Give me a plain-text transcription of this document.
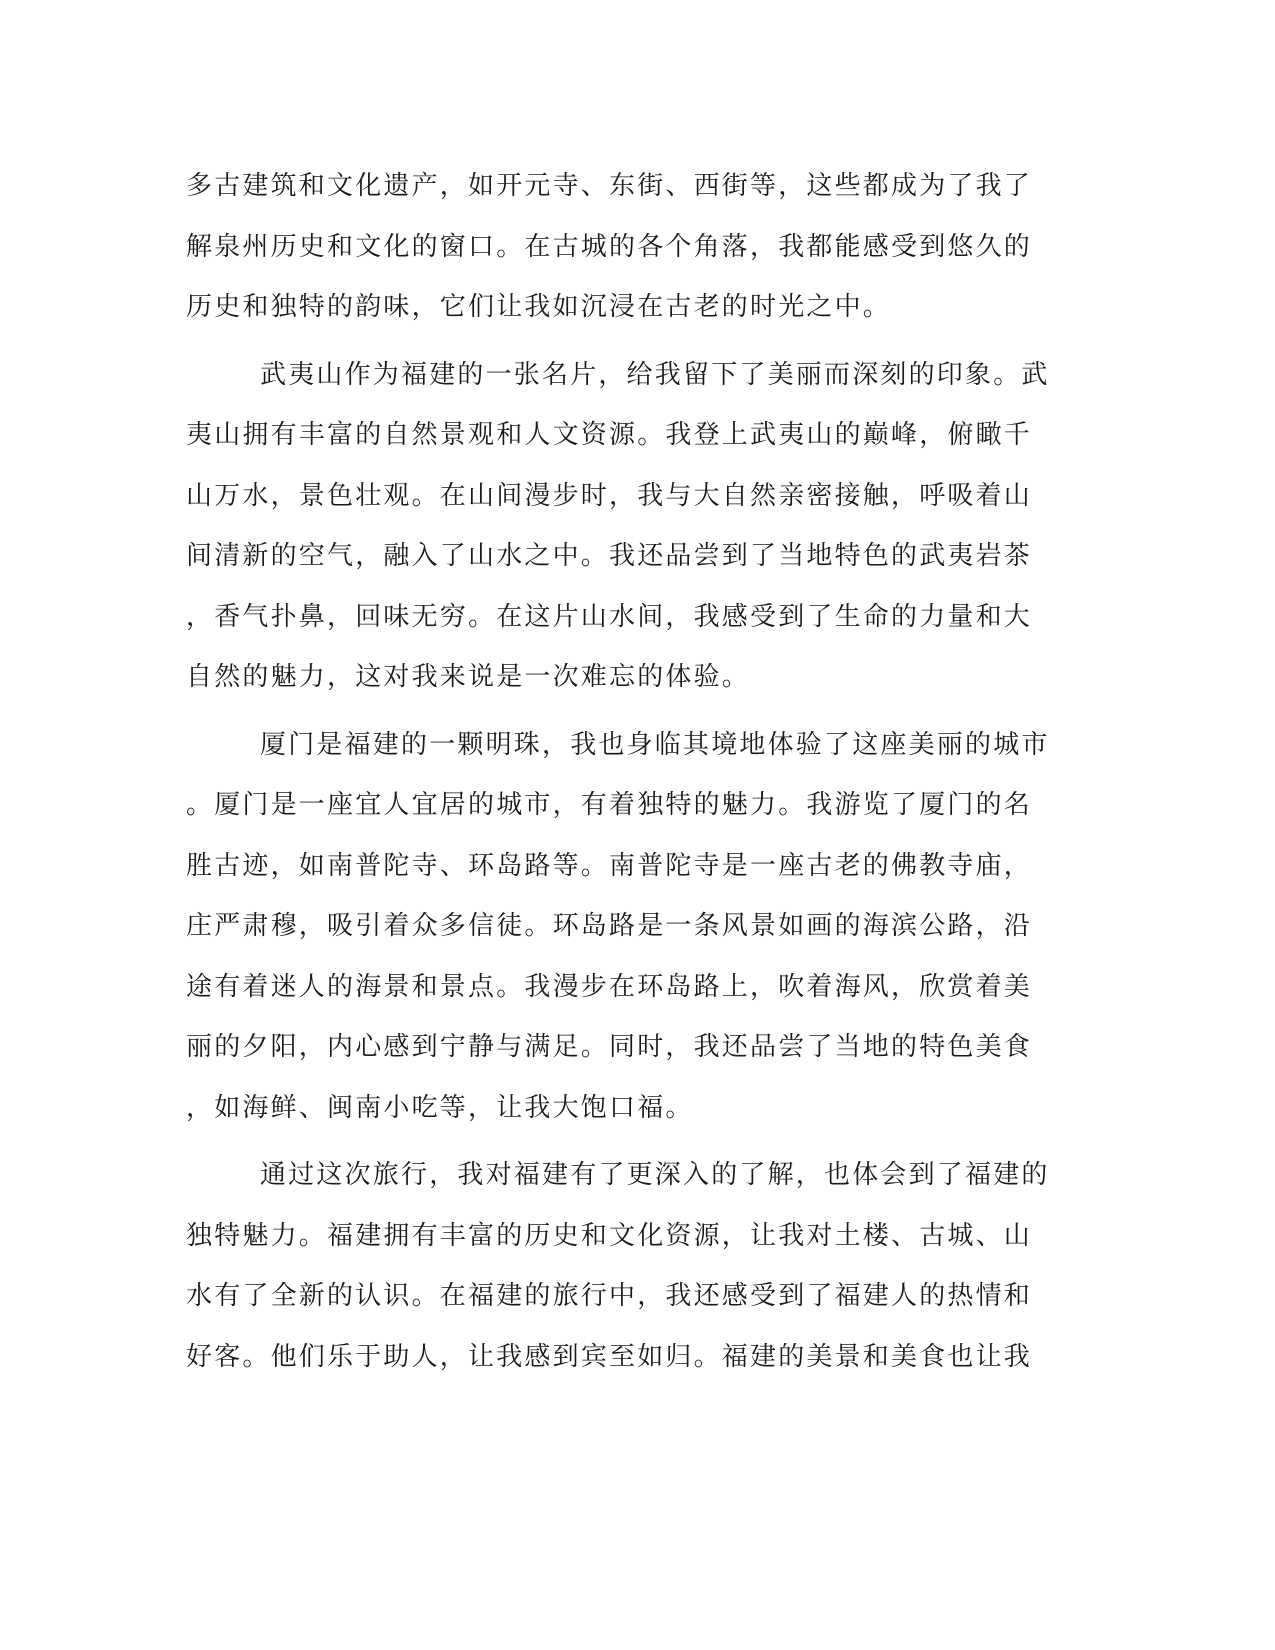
多古建筑和文化遗产，如开元寺、东街、西街等，这些都成为了我了
解泉州历史和文化的窗口。在古城的各个角落，我都能感受到悠久的
历史和独特的韵味，它们让我如沉浸在古老的时光之中。
武夷山作为福建的一张名片，给我留下了美丽而深刻的印象。武
夷山拥有丰富的自然景观和人文资源。我登上武夷山的巅峰，俯瞰千
山万水，景色壮观。在山间漫步时，我与大自然亲密接触，呼吸着山
间清新的空气，融入了山水之中。我还品尝到了当地特色的武夷岩茶
，香气扑鼻，回味无穷。在这片山水间，我感受到了生命的力量和大
自然的魅力，这对我来说是一次难忘的体验。
厦门是福建的一颗明珠，我也身临其境地体验了这座美丽的城市
。厦门是一座宜人宜居的城市，有着独特的魅力。我游览了厦门的名
胜古迹，如南普陀寺、环岛路等。南普陀寺是一座古老的佛教寺庙，
庄严肃穆，吸引着众多信徒。环岛路是一条风景如画的海滨公路，沿
途有着迷人的海景和景点。我漫步在环岛路上，吹着海风，欣赏着美
丽的夕阳，内心感到宁静与满足。同时，我还品尝了当地的特色美食
，如海鲜、闽南小吃等，让我大饱口福。
通过这次旅行，我对福建有了更深入的了解，也体会到了福建的
独特魅力。福建拥有丰富的历史和文化资源，让我对土楼、古城、山
水有了全新的认识。在福建的旅行中，我还感受到了福建人的热情和
好客。他们乐于助人，让我感到宾至如归。福建的美景和美食也让我
